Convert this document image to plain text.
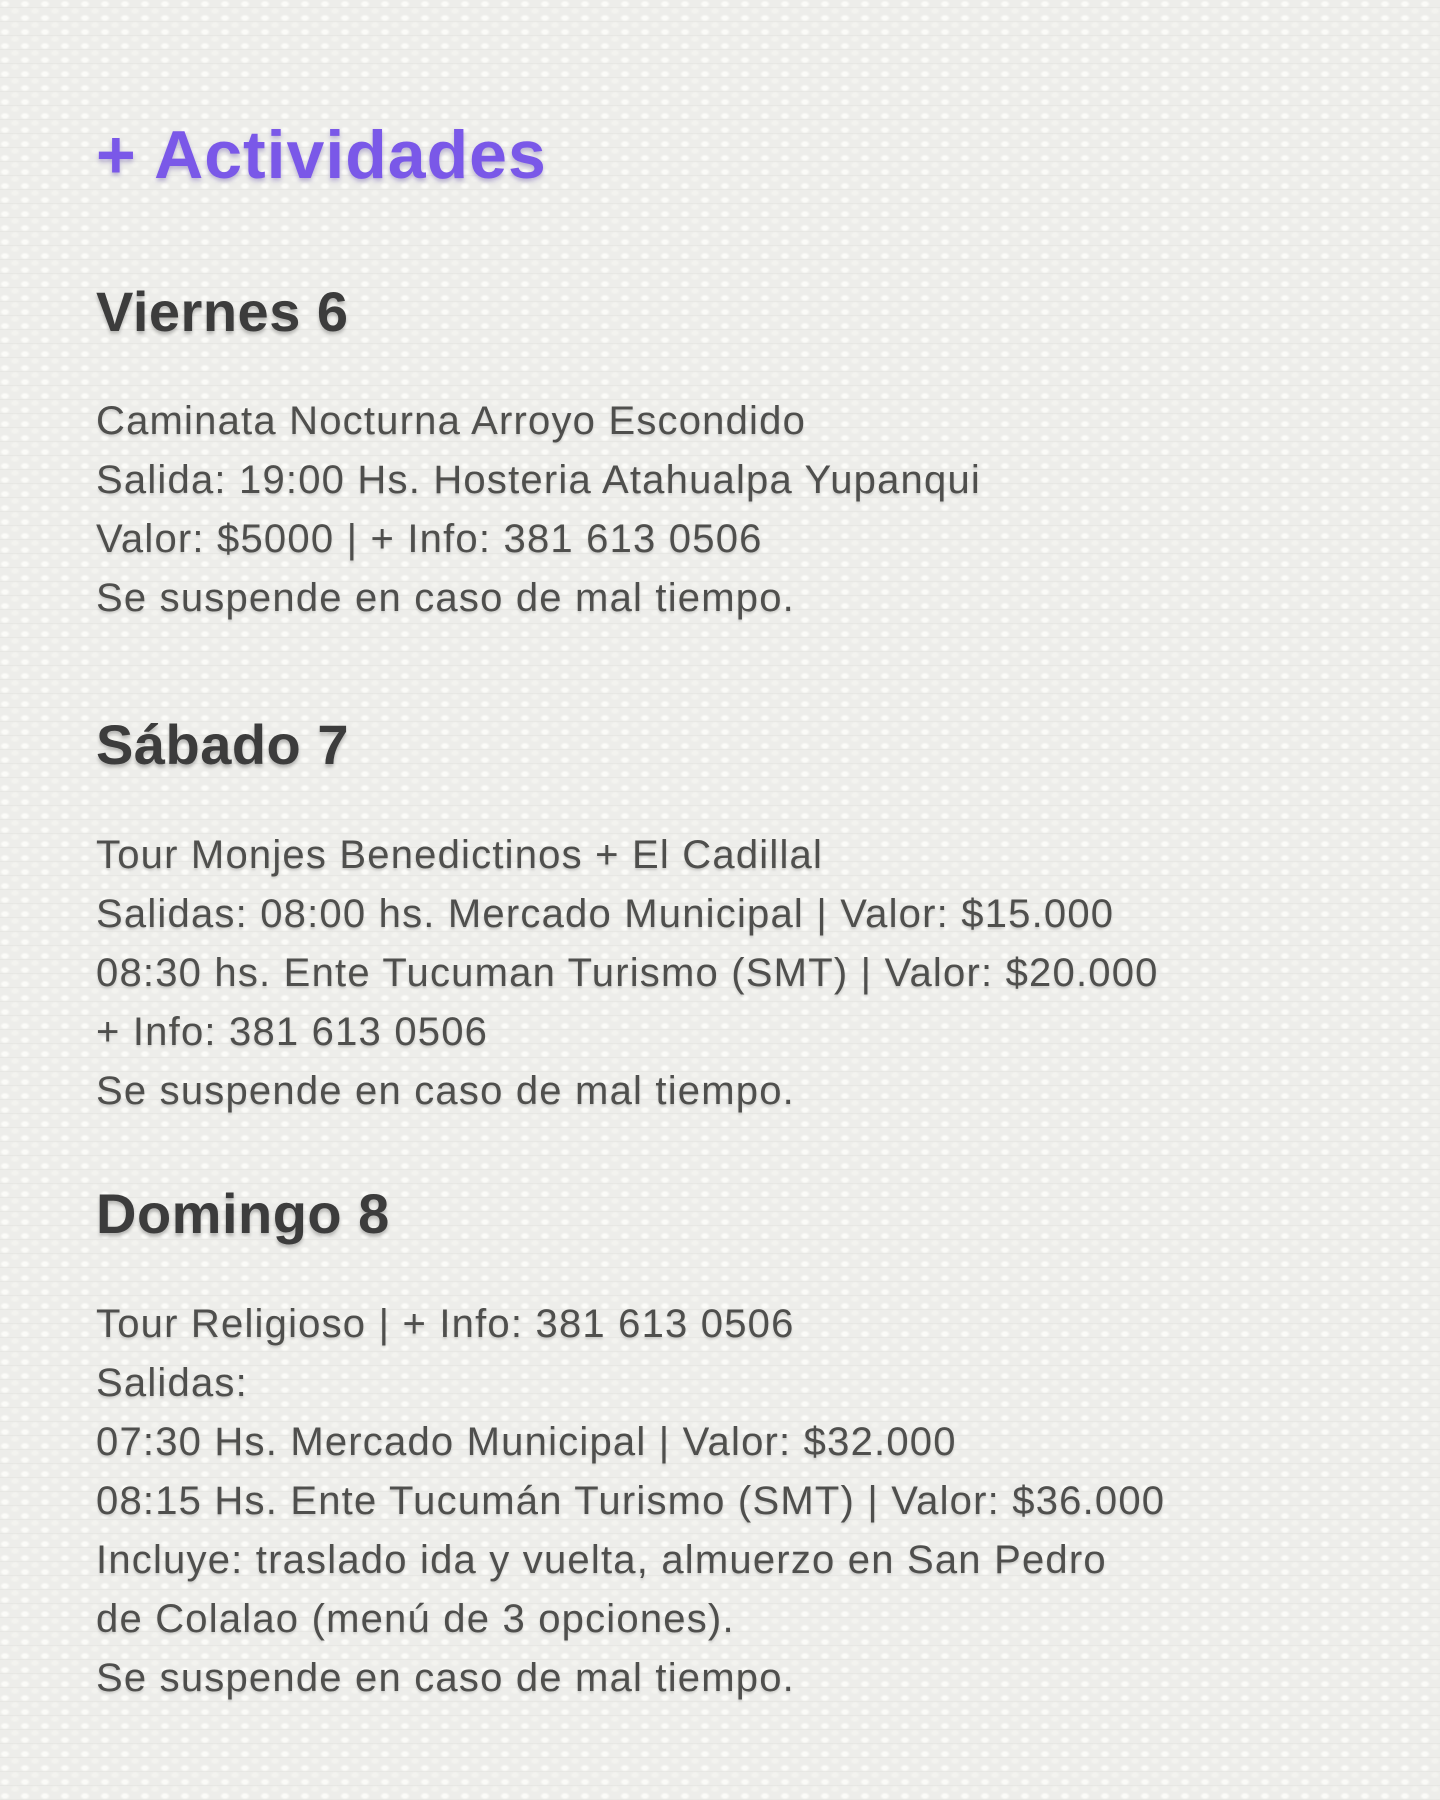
+ Actividades
Viernes 6

Caminata Nocturna Arroyo Escondido
Salida: 19:00 Hs. Hosteria Atahualpa Yupanqui
Valor: $5000 | + Info: 381 613 0506
Se suspende en caso de mal tiempo.

Sábado 7

Tour Monjes Benedictinos + El Cadillal
Salidas: 08:00 hs. Mercado Municipal | Valor: $15.000
08:30 hs. Ente Tucuman Turismo (SMT) | Valor: $20.000
+ Info: 381 613 0506
Se suspende en caso de mal tiempo.

Domingo 8

Tour Religioso | + Info: 381 613 0506
Salidas:
07:30 Hs. Mercado Municipal | Valor: $32.000
08:15 Hs. Ente Tucumán Turismo (SMT) | Valor: $36.000
Incluye: traslado ida y vuelta, almuerzo en San Pedro
de Colalao (menú de 3 opciones).
Se suspende en caso de mal tiempo.
